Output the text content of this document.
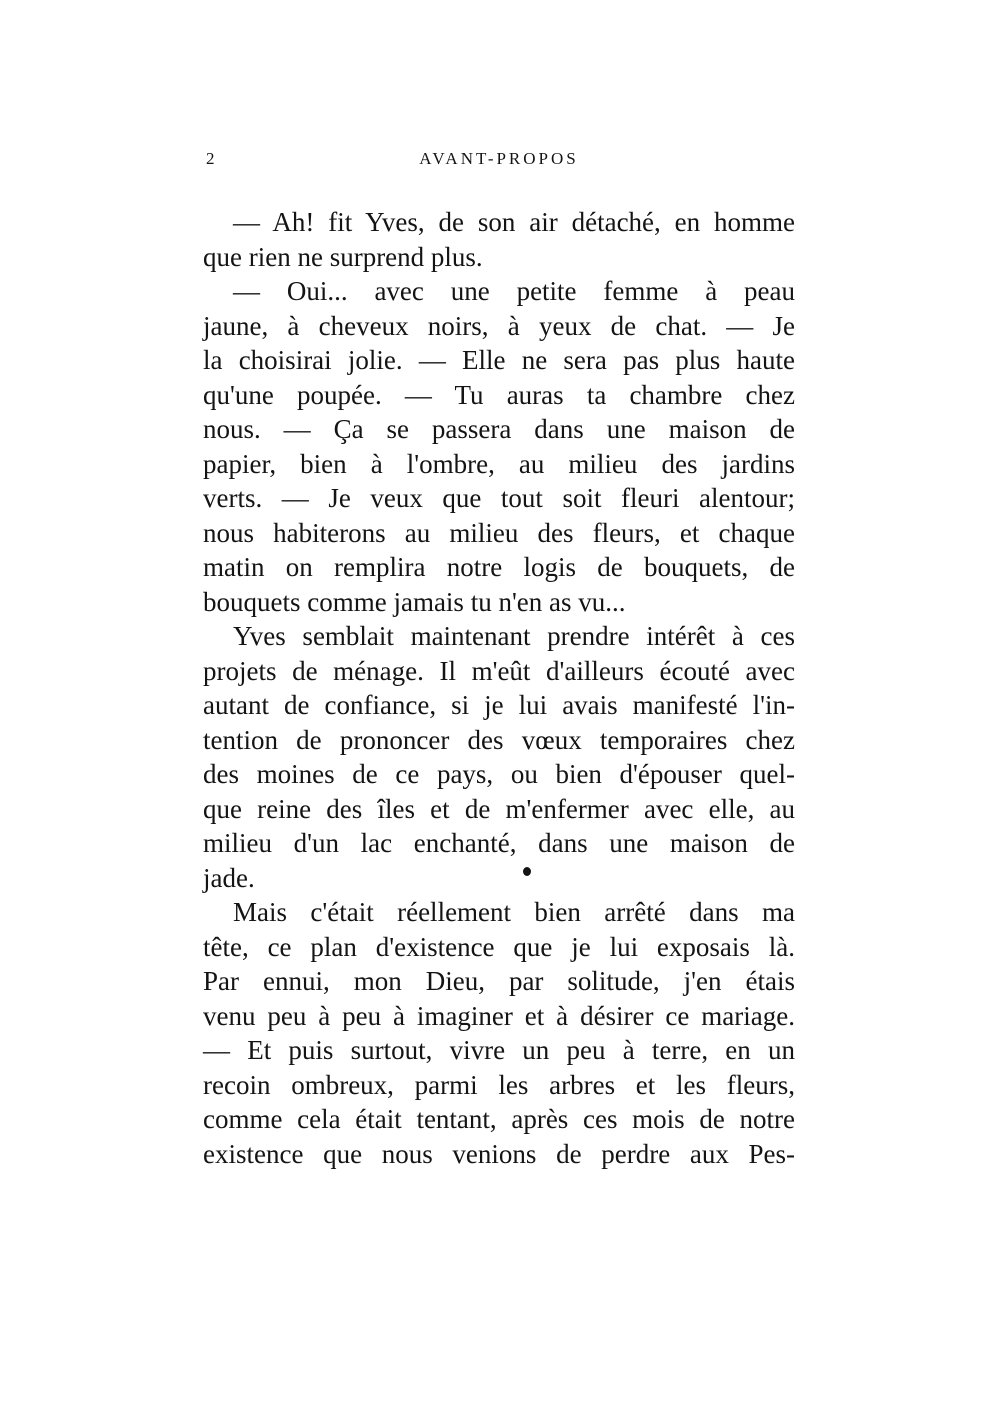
2	AVANT-PROPOS
— Ah! fit Yves, de son air détaché, en homme
que rien ne surprend plus.
— Oui... avec une petite femme à peau
jaune, à cheveux noirs, à yeux de chat. — Je
la choisirai jolie. — Elle ne sera pas plus haute
qu'une poupée. — Tu auras ta chambre chez
nous. — Ça se passera dans une maison de
papier, bien à l'ombre, au milieu des jardins
verts. — Je veux que tout soit fleuri alentour;
nous habiterons au milieu des fleurs, et chaque
matin on remplira notre logis de bouquets, de
bouquets comme jamais tu n'en as vu...
Yves semblait maintenant prendre intérêt à ces
projets de ménage. Il m'eût d'ailleurs écouté avec
autant de confiance, si je lui avais manifesté l'in-
tention de prononcer des vœux temporaires chez
des moines de ce pays, ou bien d'épouser quel-
que reine des îles et de m'enfermer avec elle, au
milieu d'un lac enchanté, dans une maison de
jade.
Mais c'était réellement bien arrêté dans ma
tête, ce plan d'existence que je lui exposais là.
Par ennui, mon Dieu, par solitude, j'en étais
venu peu à peu à imaginer et à désirer ce mariage.
— Et puis surtout, vivre un peu à terre, en un
recoin ombreux, parmi les arbres et les fleurs,
comme cela était tentant, après ces mois de notre
existence que nous venions de perdre aux Pes-
